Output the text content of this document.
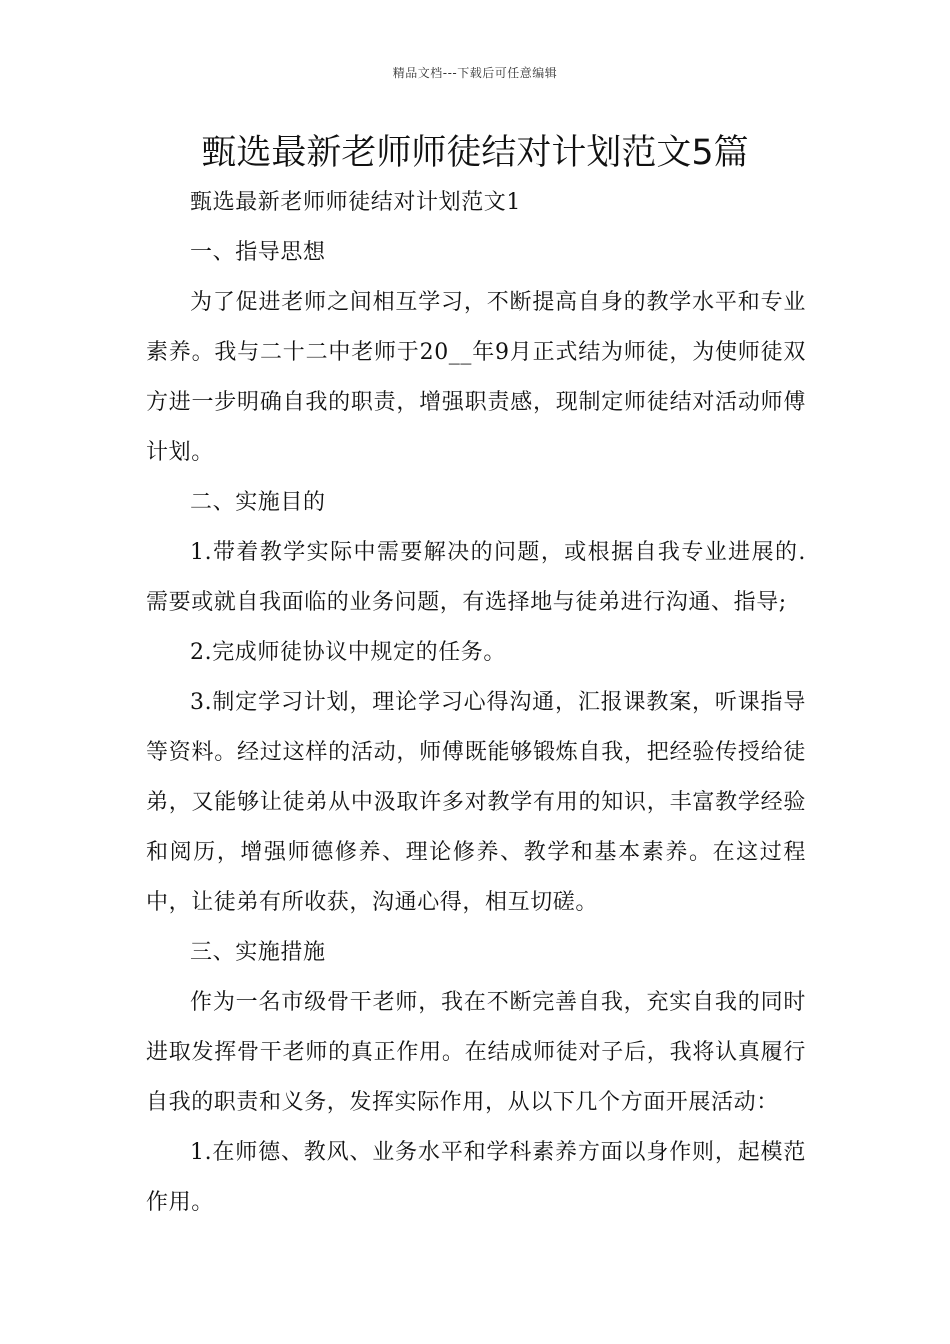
精品文档---下载后可任意编辑
甄选最新老师师徒结对计划范文5篇

甄选最新老师师徒结对计划范文1

一、指导思想

为了促进老师之间相互学习，不断提高自身的教学水平和专业素养。我与二十二中老师于20__年9月正式结为师徒，为使师徒双方进一步明确自我的职责，增强职责感，现制定师徒结对活动师傅计划。

二、实施目的

1.带着教学实际中需要解决的问题，或根据自我专业进展的.需要或就自我面临的业务问题，有选择地与徒弟进行沟通、指导;

2.完成师徒协议中规定的任务。

3.制定学习计划，理论学习心得沟通，汇报课教案，听课指导等资料。经过这样的活动，师傅既能够锻炼自我，把经验传授给徒弟，又能够让徒弟从中汲取许多对教学有用的知识，丰富教学经验和阅历，增强师德修养、理论修养、教学和基本素养。在这过程中，让徒弟有所收获，沟通心得，相互切磋。

三、实施措施

作为一名市级骨干老师，我在不断完善自我，充实自我的同时进取发挥骨干老师的真正作用。在结成师徒对子后，我将认真履行自我的职责和义务，发挥实际作用，从以下几个方面开展活动：

1.在师德、教风、业务水平和学科素养方面以身作则，起模范作用。
